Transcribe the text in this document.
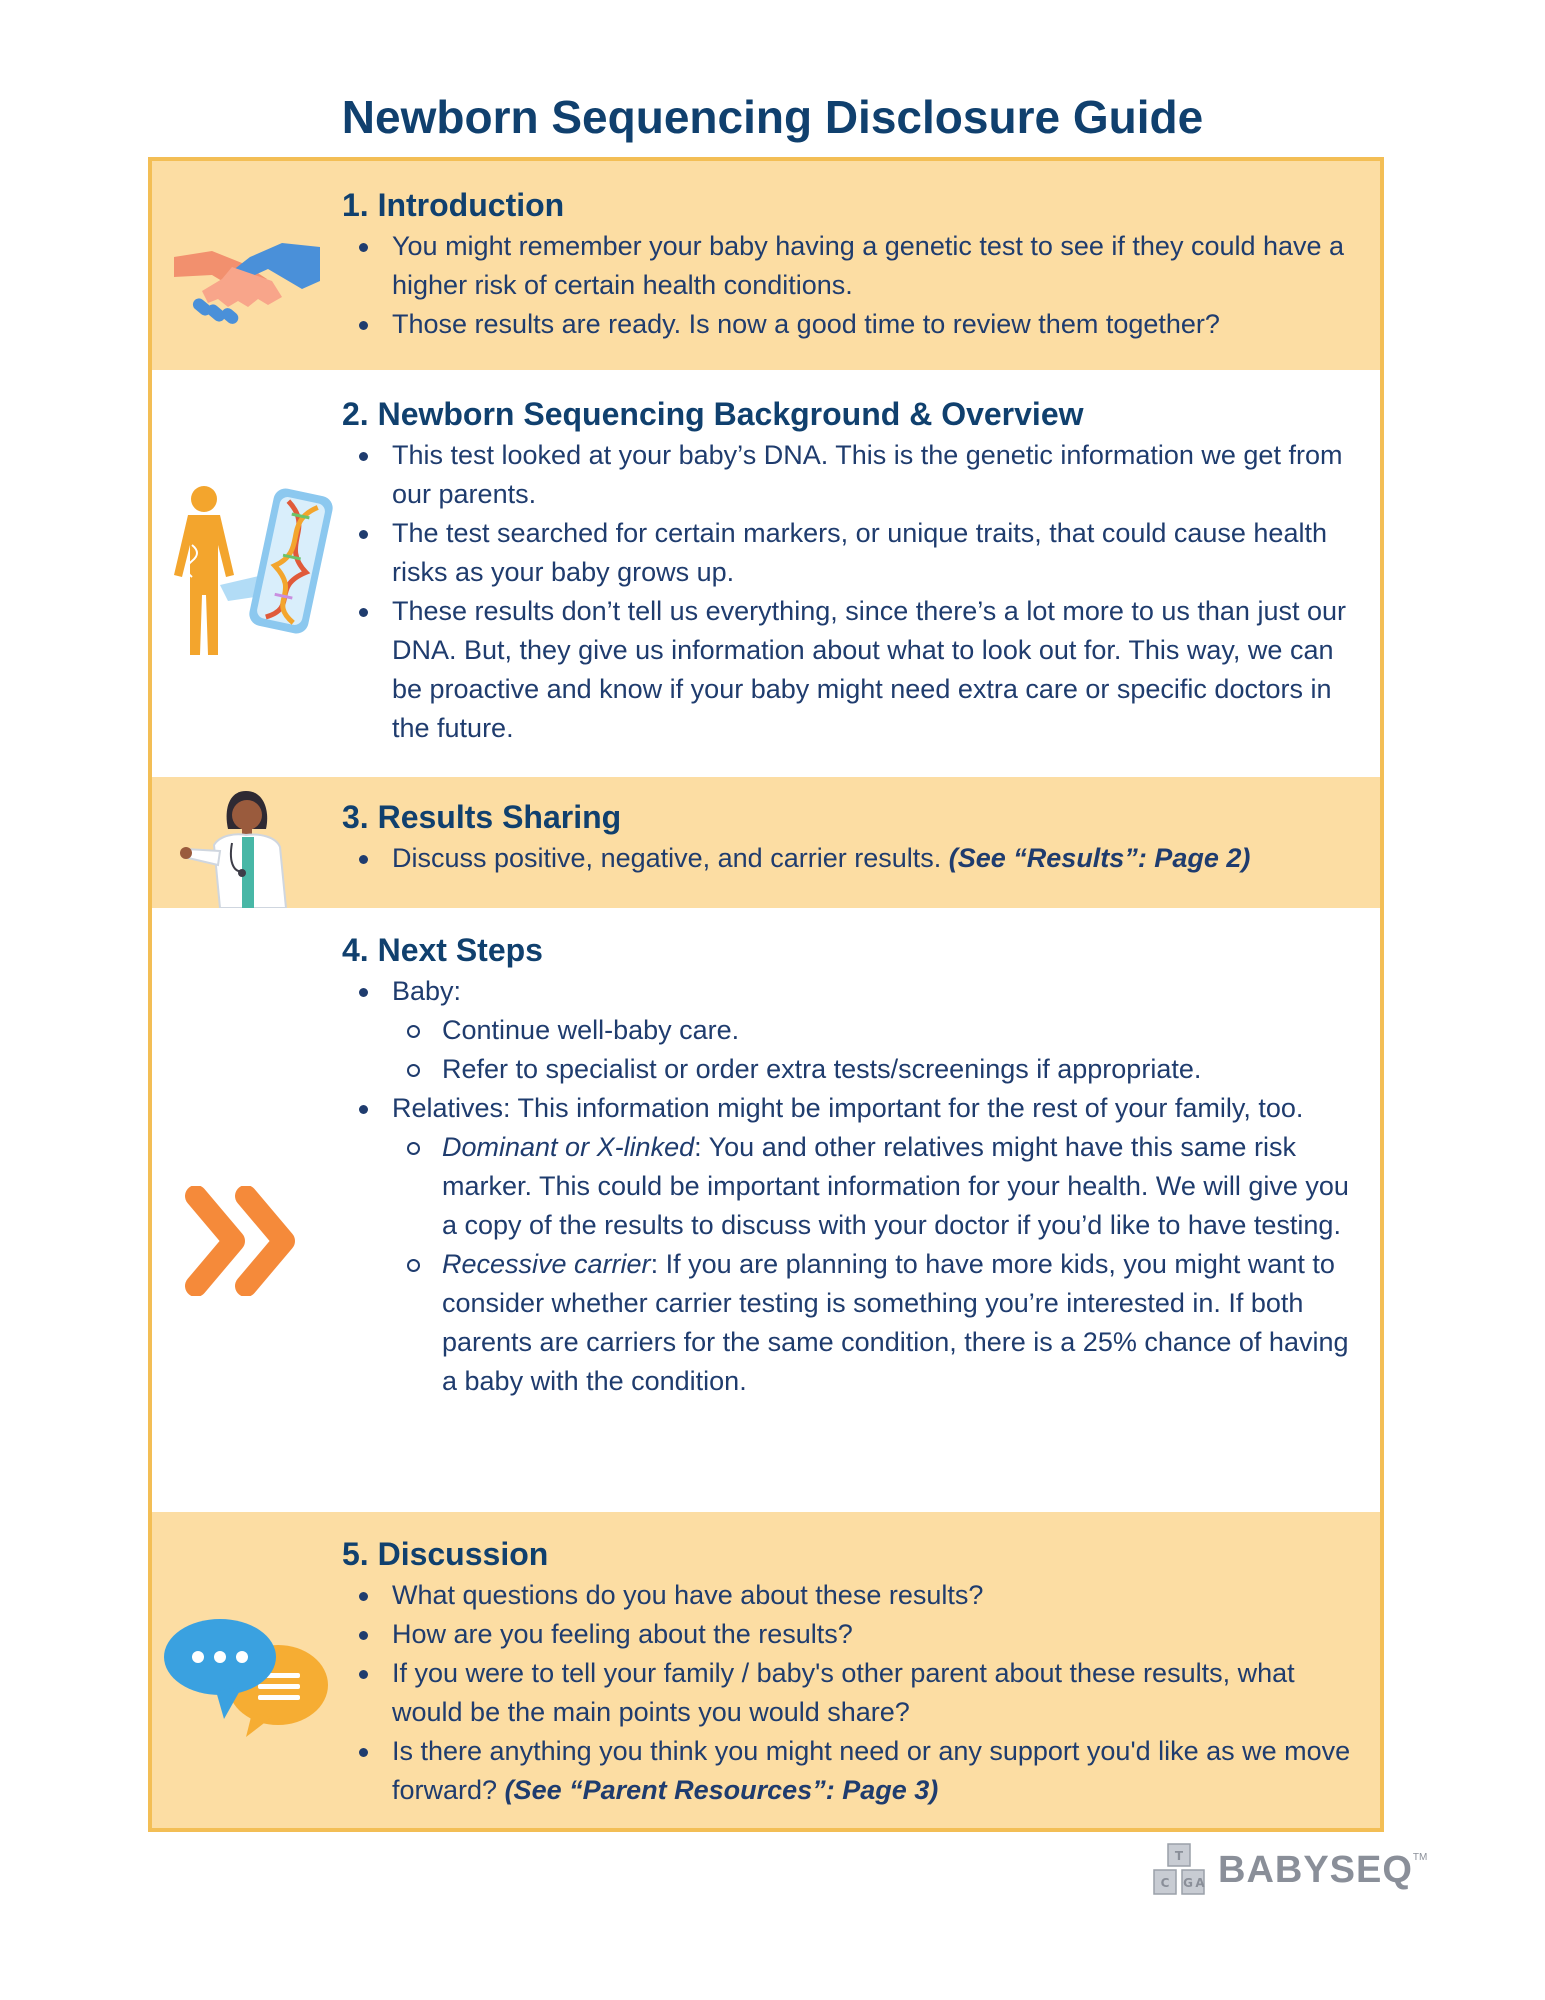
Newborn Sequencing Disclosure Guide
1. Introduction
You might remember your baby having a genetic test to see if they could have a higher risk of certain health conditions.
Those results are ready. Is now a good time to review them together?
2. Newborn Sequencing Background & Overview
This test looked at your baby’s DNA. This is the genetic information we get from our parents.
The test searched for certain markers, or unique traits, that could cause health risks as your baby grows up.
These results don’t tell us everything, since there’s a lot more to us than just our DNA. But, they give us information about what to look out for. This way, we can be proactive and know if your baby might need extra care or specific doctors in the future.
3. Results Sharing
Discuss positive, negative, and carrier results. (See “Results”: Page 2)
4. Next Steps
Baby:
Continue well-baby care.
Refer to specialist or order extra tests/screenings if appropriate.
Relatives: This information might be important for the rest of your family, too.
Dominant or X-linked: You and other relatives might have this same risk marker. This could be important information for your health. We will give you a copy of the results to discuss with your doctor if you’d like to have testing.
Recessive carrier: If you are planning to have more kids, you might want to consider whether carrier testing is something you’re interested in. If both parents are carriers for the same condition, there is a 25% chance of having a baby with the condition.
5. Discussion
What questions do you have about these results?
How are you feeling about the results?
If you were to tell your family / baby's other parent about these results, what would be the main points you would share?
Is there anything you think you might need or any support you'd like as we move forward? (See “Parent Resources”: Page 3)
T
C G A BABYSEQ TM
